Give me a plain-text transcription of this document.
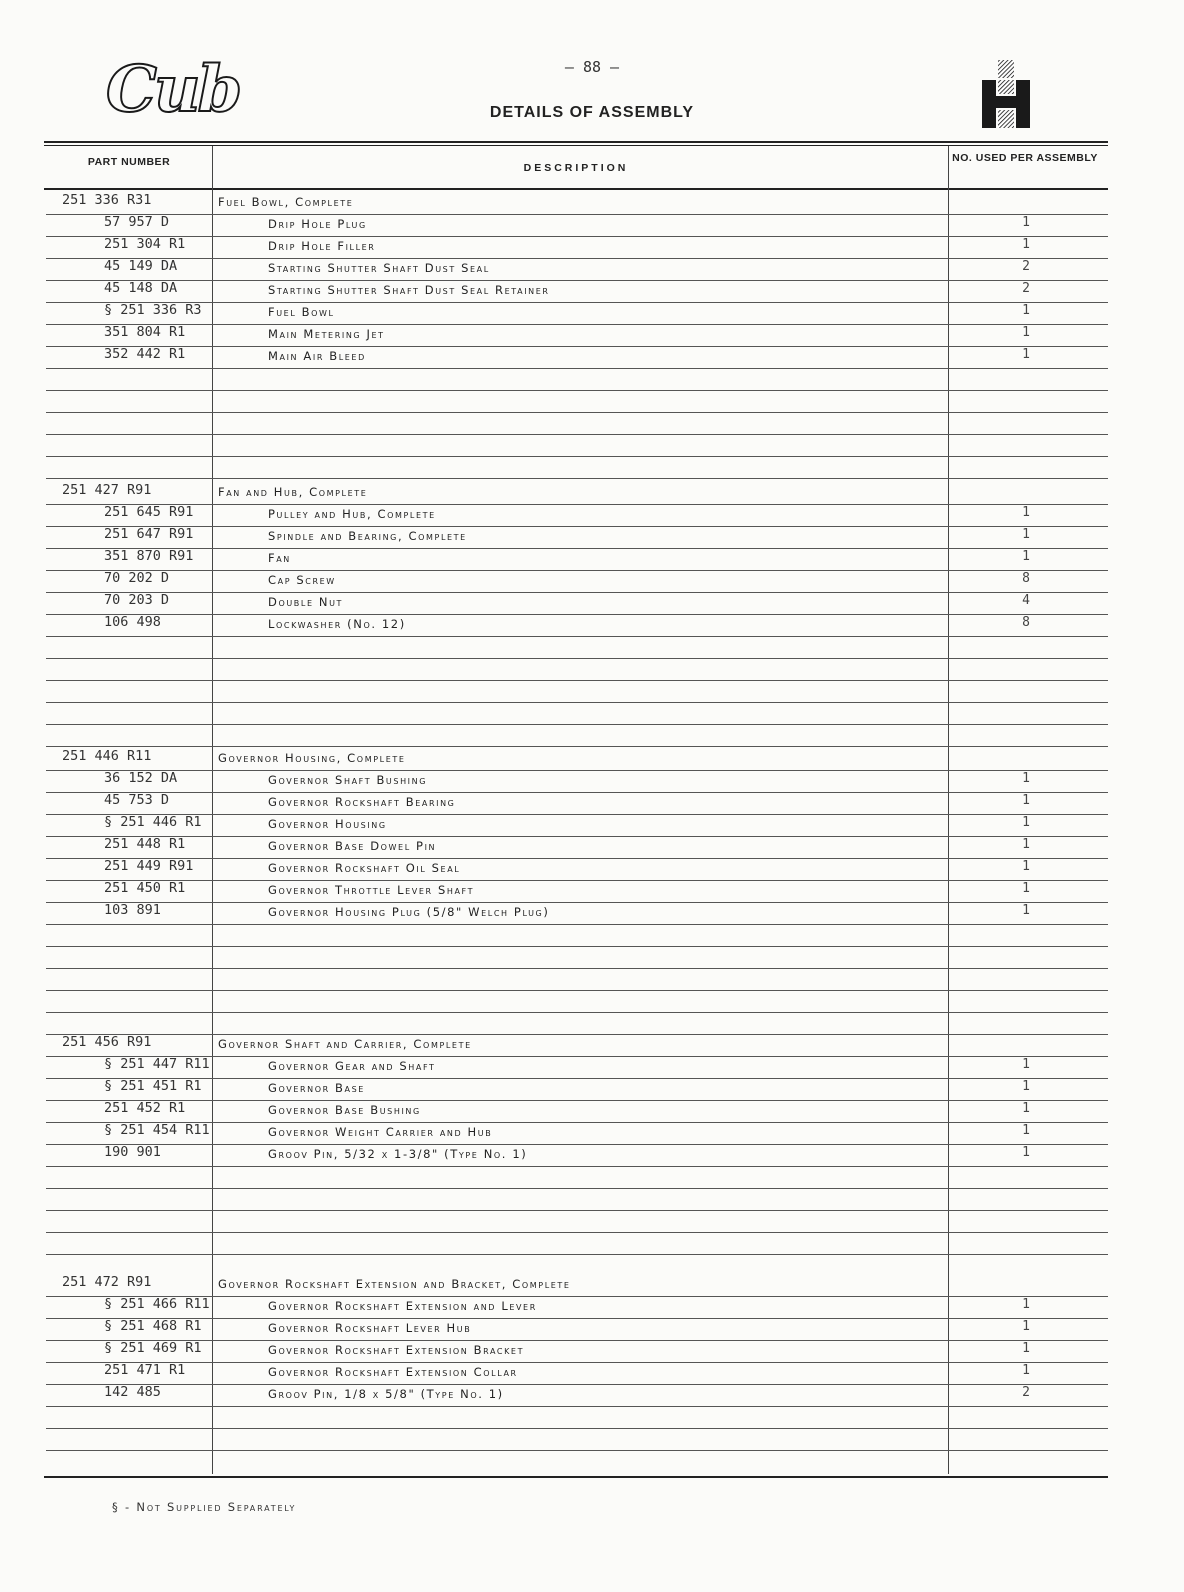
Cub	— 88 —
DETAILS OF ASSEMBLY
PART NUMBER	DESCRIPTION
NO. USED PER ASSEMBLY
251 336 R31	Fuel Bowl, Complete
57 957 D	Drip Hole Plug	1
251 304 R1	Drip Hole Filler	1
45 149 DA	Starting Shutter Shaft Dust Seal	2
45 148 DA	Starting Shutter Shaft Dust Seal Retainer	2
§ 251 336 R3	Fuel Bowl	1
351 804 R1	Main Metering Jet	1
352 442 R1	Main Air Bleed	1
251 427 R91	Fan and Hub, Complete
251 645 R91	Pulley and Hub, Complete	1
251 647 R91	Spindle and Bearing, Complete	1
351 870 R91	Fan	1
70 202 D	Cap Screw	8
70 203 D	Double Nut	4
106 498	Lockwasher (No. 12)	8
251 446 R11	Governor Housing, Complete
36 152 DA	Governor Shaft Bushing	1
45 753 D	Governor Rockshaft Bearing	1
§ 251 446 R1	Governor Housing	1
251 448 R1	Governor Base Dowel Pin	1
251 449 R91	Governor Rockshaft Oil Seal	1
251 450 R1	Governor Throttle Lever Shaft	1
103 891	Governor Housing Plug (5/8" Welch Plug)	1
251 456 R91	Governor Shaft and Carrier, Complete
§ 251 447 R11	Governor Gear and Shaft	1
§ 251 451 R1	Governor Base	1
251 452 R1	Governor Base Bushing	1
§ 251 454 R11	Governor Weight Carrier and Hub	1
190 901	Groov Pin, 5/32 x 1-3/8" (Type No. 1)	1
251 472 R91	Governor Rockshaft Extension and Bracket, Complete
§ 251 466 R11	Governor Rockshaft Extension and Lever	1
§ 251 468 R1	Governor Rockshaft Lever Hub	1
§ 251 469 R1	Governor Rockshaft Extension Bracket	1
251 471 R1	Governor Rockshaft Extension Collar	1
142 485	Groov Pin, 1/8 x 5/8" (Type No. 1)	2
§ - Not Supplied Separately
